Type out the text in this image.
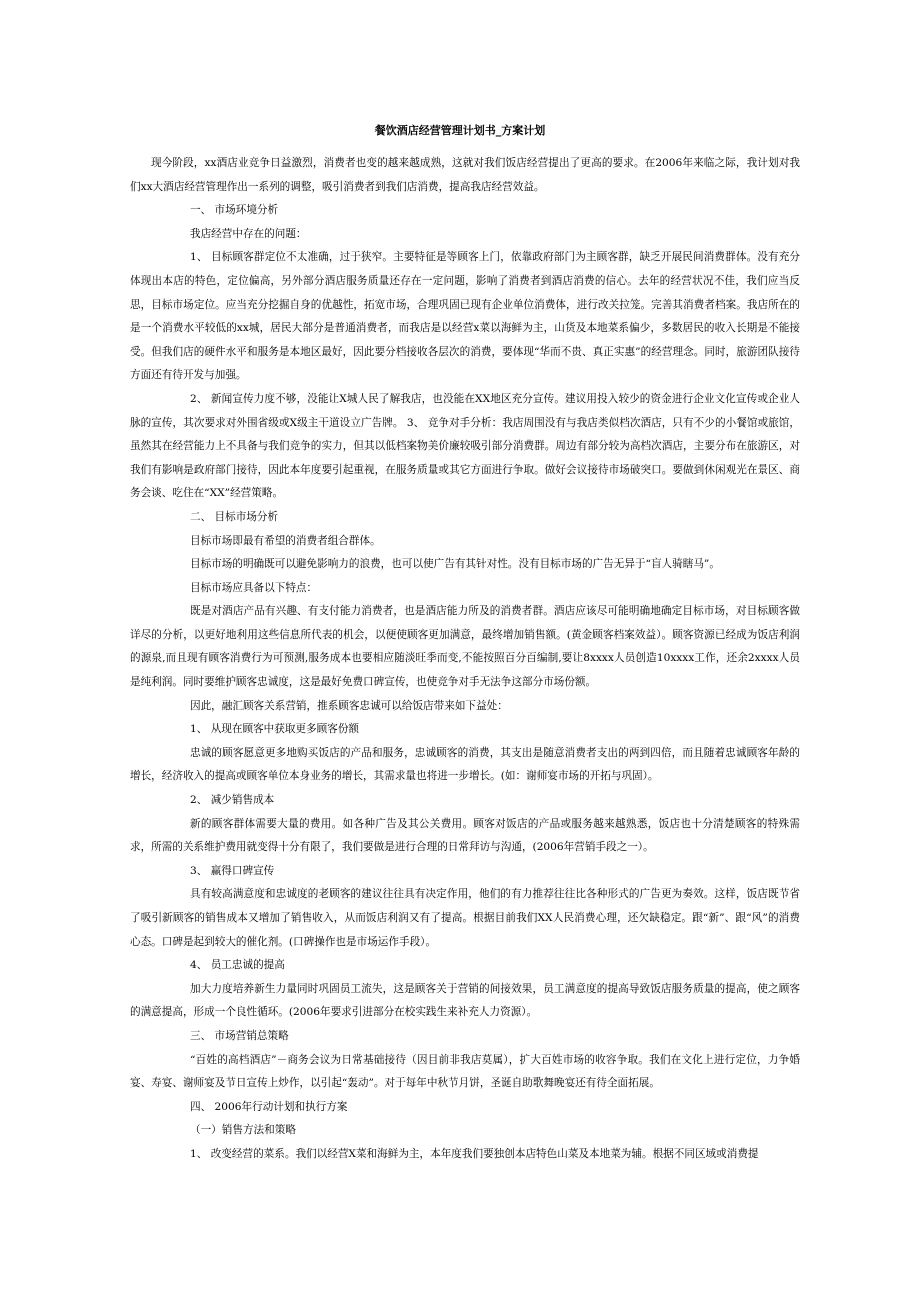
餐饮酒店经营管理计划书_方案计划

现今阶段，xx酒店业竞争日益激烈，消费者也变的越来越成熟，这就对我们饭店经营提出了更高的要求。在2006年来临之际，我计划对我们xx大酒店经营管理作出一系列的调整，吸引消费者到我们店消费，提高我店经营效益。

一、 市场环境分析

我店经营中存在的问题：

1、 目标顾客群定位不太准确，过于狭窄。主要特征是等顾客上门，依靠政府部门为主顾客群，缺乏开展民间消费群体。没有充分体现出本店的特色，定位偏高，另外部分酒店服务质量还存在一定问题，影响了消费者到酒店消费的信心。去年的经营状况不佳，我们应当反思，目标市场定位。应当充分挖掘自身的优越性，拓宽市场，合理巩固已现有企业单位消费体，进行改关拉笼。完善其消费者档案。我店所在的是一个消费水平较低的xx城，居民大部分是普通消费者，而我店是以经营x菜以海鲜为主，山货及本地菜系偏少，多数居民的收入长期是不能接受。但我们店的硬件水平和服务是本地区最好，因此要分档接收各层次的消费，要体现“华而不贵、真正实惠”的经营理念。同时，旅游团队接待方面还有待开发与加强。

2、 新闻宣传力度不够，没能让X城人民了解我店，也没能在XX地区充分宣传。建议用投入较少的资金进行企业文化宣传或企业人脉的宣传，其次要求对外围省级或X级主干道设立广告牌。 3、 竞争对手分析：我店周围没有与我店类似档次酒店，只有不少的小餐馆或旅馆，虽然其在经营能力上不具备与我们竞争的实力，但其以低档案物美价廉较吸引部分消费群。周边有部分较为高档次酒店，主要分布在旅游区，对我们有影响是政府部门接待，因此本年度要引起重视，在服务质量或其它方面进行争取。做好会议接待市场破突口。要做到休闲观光在景区、商务会谈、吃住在“XX”经营策略。

二、 目标市场分析

目标市场即最有希望的消费者组合群体。

目标市场的明确既可以避免影响力的浪费，也可以使广告有其针对性。没有目标市场的广告无异于“盲人骑瞎马”。

目标市场应具备以下特点：

既是对酒店产品有兴趣、有支付能力消费者，也是酒店能力所及的消费者群。酒店应该尽可能明确地确定目标市场，对目标顾客做详尽的分析，以更好地利用这些信息所代表的机会，以便使顾客更加满意，最终增加销售额。(黄金顾客档案效益）。顾客资源已经成为饭店利润的源泉,而且现有顾客消费行为可预测,服务成本也要相应随淡旺季而变,不能按照百分百编制,要让8xxxx人员创造10xxxx工作，还余2xxxx人员是纯利润。同时要维护顾客忠诚度，这是最好免费口碑宣传，也使竞争对手无法争这部分市场份额。

因此，融汇顾客关系营销，推系顾客忠诚可以给饭店带来如下益处：

1、 从现在顾客中获取更多顾客份额

忠诚的顾客愿意更多地购买饭店的产品和服务，忠诚顾客的消费，其支出是随意消费者支出的两到四倍，而且随着忠诚顾客年龄的增长，经济收入的提高或顾客单位本身业务的增长，其需求量也将进一步增长。(如：谢师宴市场的开拓与巩固）。

2、 减少销售成本

新的顾客群体需要大量的费用。如各种广告及其公关费用。顾客对饭店的产品或服务越来越熟悉，饭店也十分清楚顾客的特殊需求，所需的关系维护费用就变得十分有限了，我们要做是进行合理的日常拜访与沟通，(2006年营销手段之一）。

3、 赢得口碑宣传

具有较高满意度和忠诚度的老顾客的建议往往具有决定作用，他们的有力推荐往往比各种形式的广告更为奏效。这样，饭店既节省了吸引新顾客的销售成本又增加了销售收入，从而饭店利润又有了提高。根据目前我们XX人民消费心理，还欠缺稳定。跟“新”、跟“风”的消费心态。口碑是起到较大的催化剂。(口碑操作也是市场运作手段）。

4、 员工忠诚的提高

加大力度培养新生力量同时巩固员工流失，这是顾客关于营销的间接效果，员工满意度的提高导致饭店服务质量的提高，使之顾客的满意提高，形成一个良性循环。(2006年要求引进部分在校实践生来补充人力资源）。

三、 市场营销总策略

“百姓的高档酒店”－商务会议为日常基础接待（因目前非我店莫属），扩大百姓市场的收容争取。我们在文化上进行定位，力争婚宴、寿宴、谢师宴及节日宣传上炒作，以引起“轰动”。对于每年中秋节月饼，圣诞自助歌舞晚宴还有待全面拓展。

四、 2006年行动计划和执行方案

（一）销售方法和策略

1、 改变经营的菜系。我们以经营X菜和海鲜为主，本年度我们要独创本店特色山菜及本地菜为辅。根据不同区域或消费提
